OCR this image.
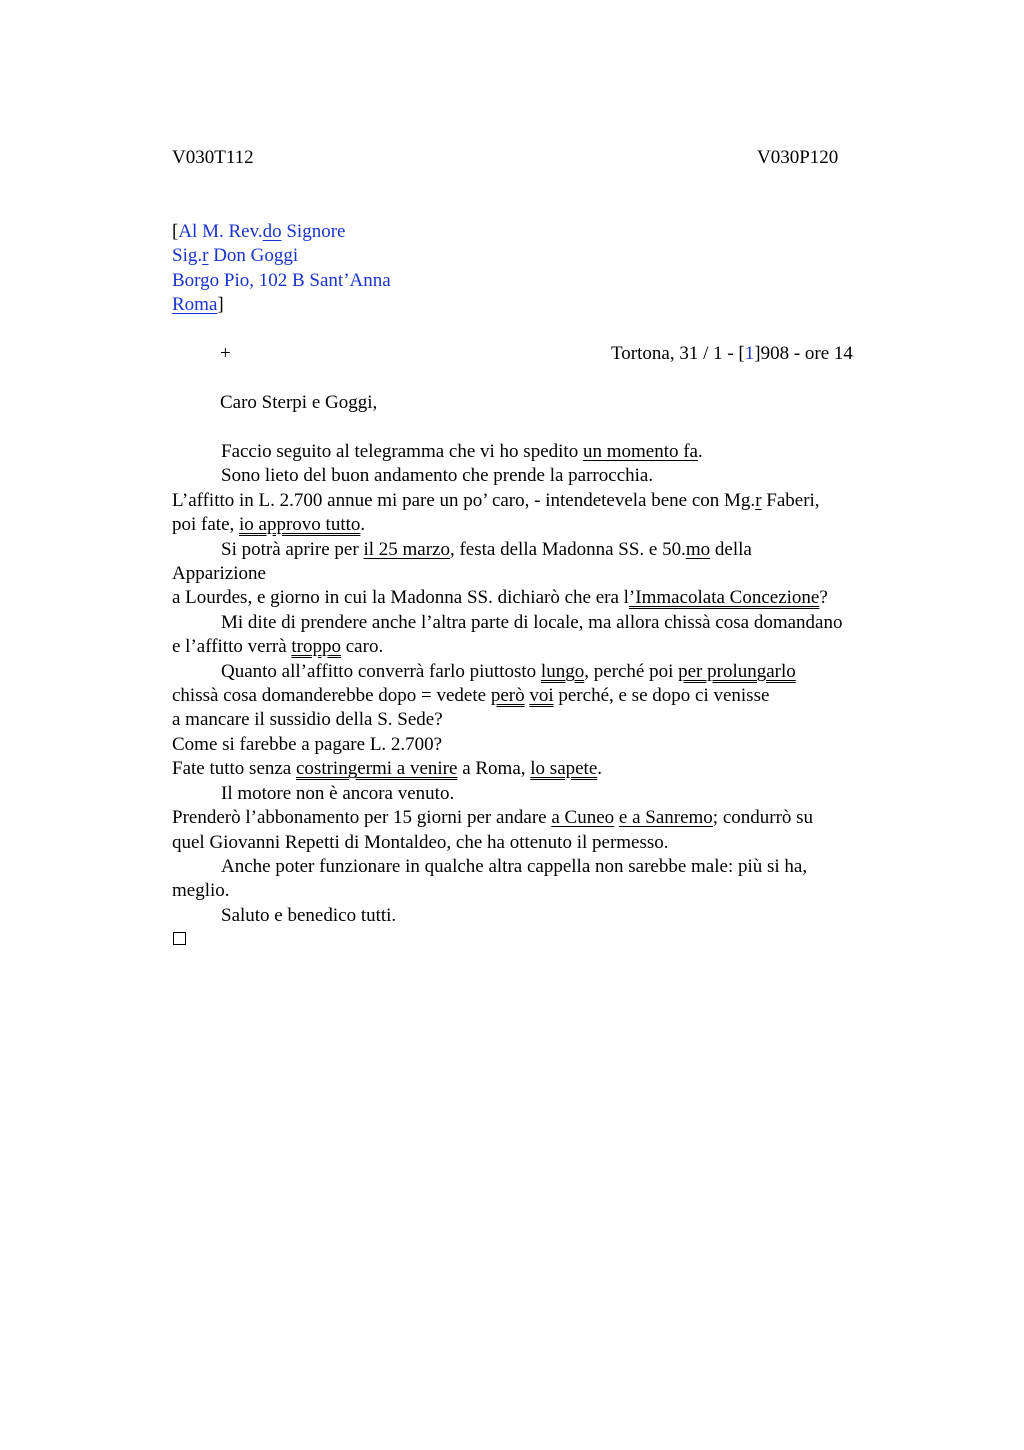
V030T112	V030P120
[Al M. Rev.do Signore
Sig.r Don Goggi
Borgo Pio, 102 B Sant’Anna
Roma]
+	Tortona, 31 / 1 - [1]908 - ore 14
Caro Sterpi e Goggi,
Faccio seguito al telegramma che vi ho spedito un momento fa.
Sono lieto del buon andamento che prende la parrocchia.
L’affitto in L. 2.700 annue mi pare un po’ caro, - intendetevela bene con Mg.r Faberi,
poi fate, io approvo tutto.
Si potrà aprire per il 25 marzo, festa della Madonna SS. e 50.mo della
Apparizione
a Lourdes, e giorno in cui la Madonna SS. dichiarò che era l’Immacolata Concezione?
Mi dite di prendere anche l’altra parte di locale, ma allora chissà cosa domandano
e l’affitto verrà troppo caro.
Quanto all’affitto converrà farlo piuttosto lungo, perché poi per prolungarlo
chissà cosa domanderebbe dopo = vedete però voi perché, e se dopo ci venisse
a mancare il sussidio della S. Sede?
Come si farebbe a pagare L. 2.700?
Fate tutto senza costringermi a venire a Roma, lo sapete.
Il motore non è ancora venuto.
Prenderò l’abbonamento per 15 giorni per andare a Cuneo e a Sanremo; condurrò su
quel Giovanni Repetti di Montaldeo, che ha ottenuto il permesso.
Anche poter funzionare in qualche altra cappella non sarebbe male: più si ha,
meglio.
Saluto e benedico tutti.
